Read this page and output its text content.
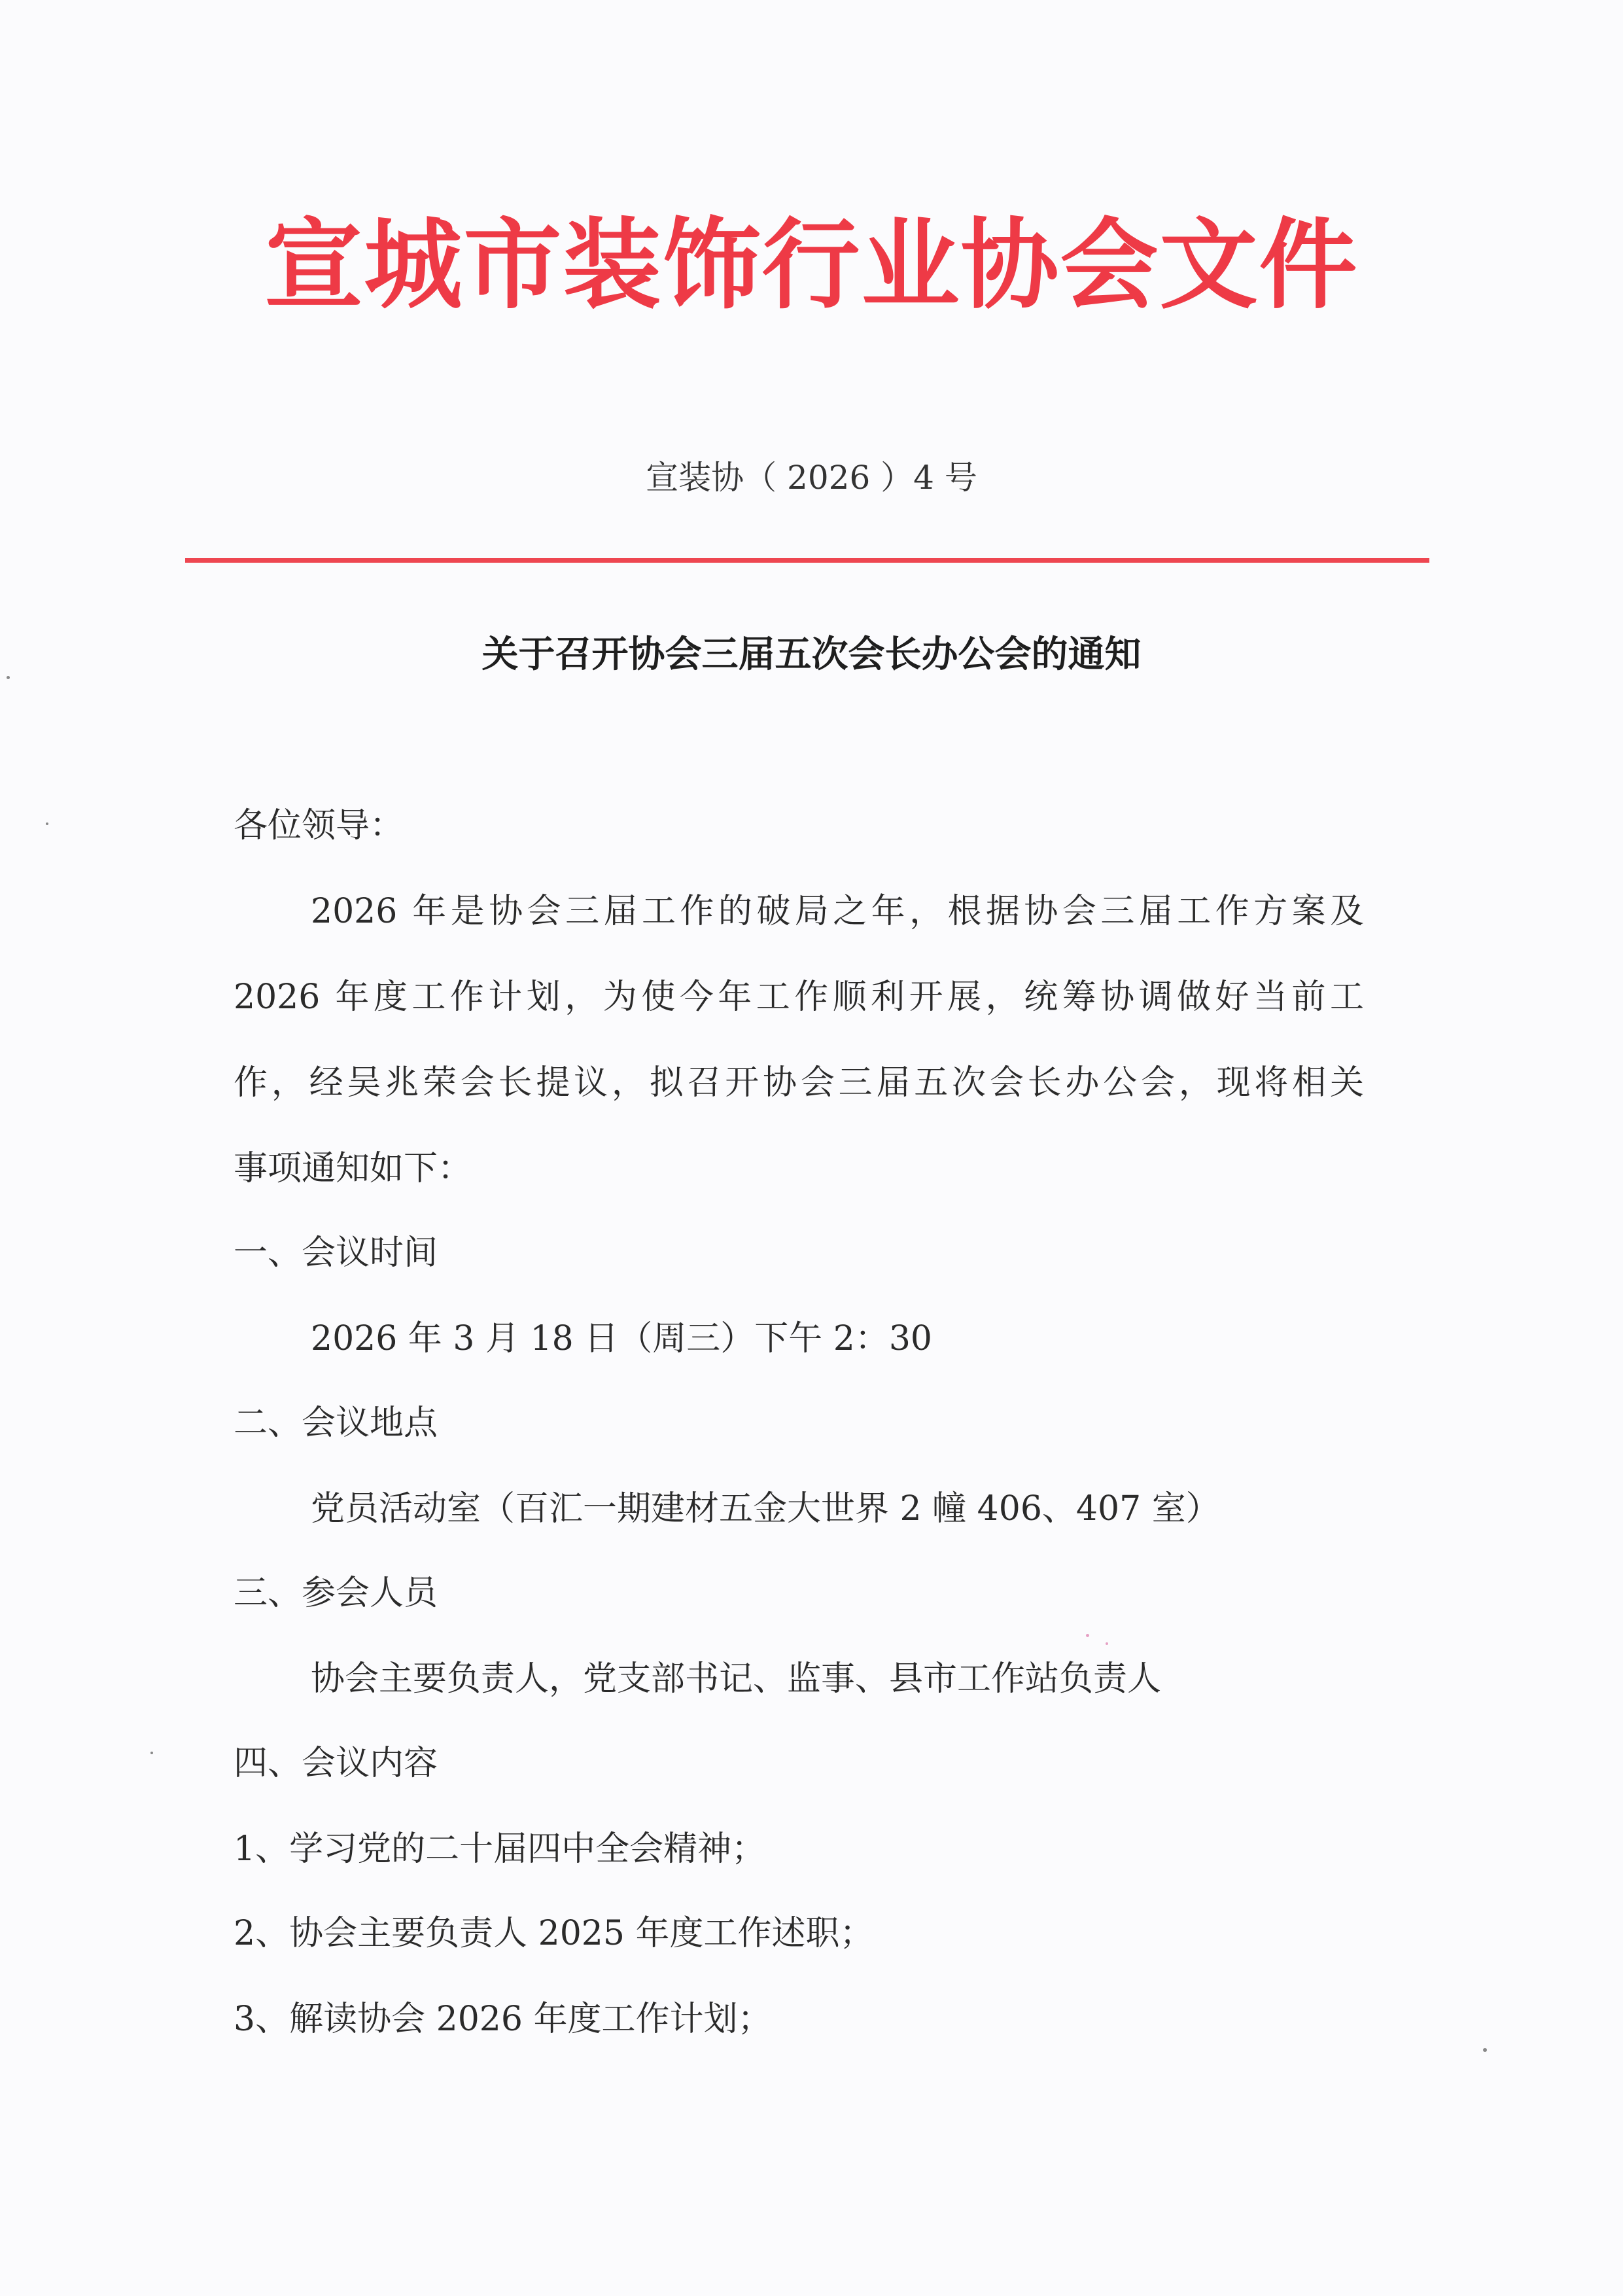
宣城市装饰行业协会文件
宣装协（ 2026 ）4 号
关于召开协会三届五次会长办公会的通知
各位领导：
2026 年是协会三届工作的破局之年，根据协会三届工作方案及
2026 年度工作计划，为使今年工作顺利开展，统筹协调做好当前工
作，经吴兆荣会长提议，拟召开协会三届五次会长办公会，现将相关
事项通知如下：
一、会议时间
2026 年 3 月 18 日（周三）下午 2：30
二、会议地点
党员活动室（百汇一期建材五金大世界 2 幢 406、407 室）
三、参会人员
协会主要负责人，党支部书记、监事、县市工作站负责人
四、会议内容
1、学习党的二十届四中全会精神；
2、协会主要负责人 2025 年度工作述职；
3、解读协会 2026 年度工作计划；
